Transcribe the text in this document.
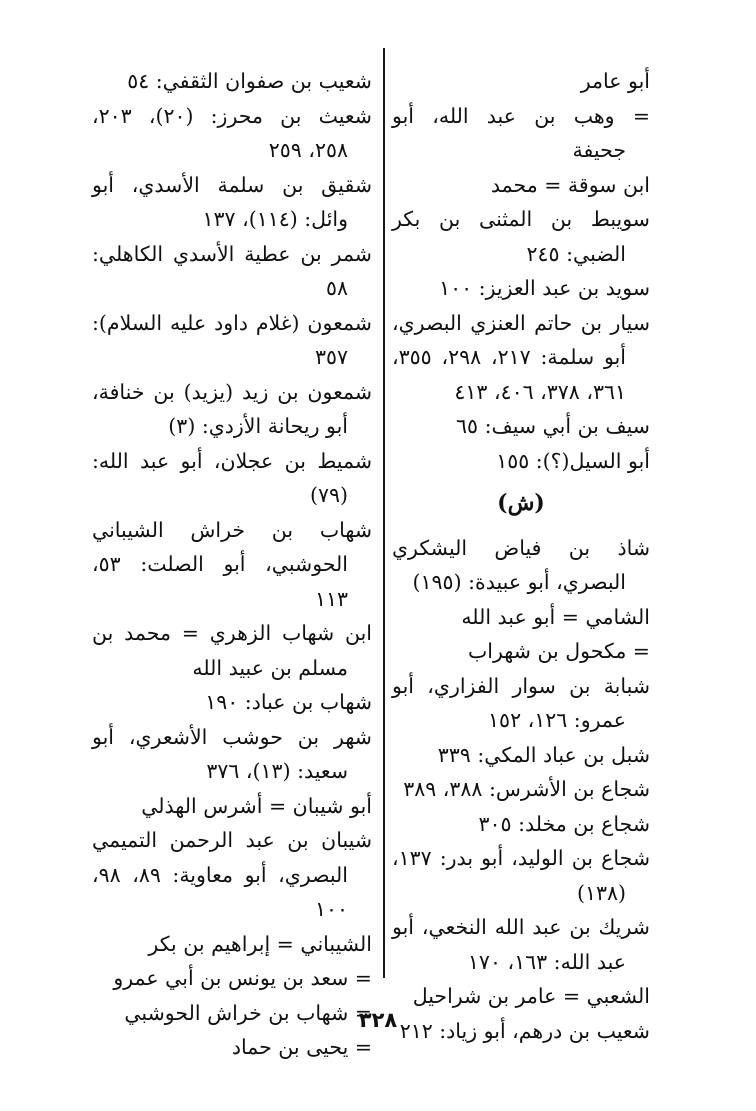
أبو عامر

= وهب بن عبد الله، أبو جحيفة

ابن سوقة = محمد

سويبط بن المثنى بن بكر الضبي: ٢٤٥

سويد بن عبد العزيز: ١٠٠

سيار بن حاتم العنزي البصري، أبو سلمة: ٢١٧، ٢٩٨، ٣٥٥، ٣٦١، ٣٧٨، ٤٠٦، ٤١٣

سيف بن أبي سيف: ٦٥

أبو السيل(؟): ١٥٥

(ش)

شاذ بن فياض اليشكري البصري، أبو عبيدة: (١٩٥)

الشامي = أبو عبد الله

= مكحول بن شهراب

شبابة بن سوار الفزاري، أبو عمرو: ١٢٦، ١٥٢

شبل بن عباد المكي: ٣٣٩

شجاع بن الأشرس: ٣٨٨، ٣٨٩

شجاع بن مخلد: ٣٠٥

شجاع بن الوليد، أبو بدر: ١٣٧، (١٣٨)

شريك بن عبد الله النخعي، أبو عبد الله: ١٦٣، ١٧٠

الشعبي = عامر بن شراحيل

شعيب بن درهم، أبو زياد: ٢١٢

شعيب بن صفوان الثقفي: ٥٤

شعيث بن محرز: (٢٠)، ٢٠٣، ٢٥٨، ٢٥٩

شقيق بن سلمة الأسدي، أبو وائل: (١١٤)، ١٣٧

شمر بن عطية الأسدي الكاهلي: ٥٨

شمعون (غلام داود عليه السلام): ٣٥٧

شمعون بن زيد (يزيد) بن خنافة، أبو ريحانة الأزدي: (٣)

شميط بن عجلان، أبو عبد الله: (٧٩)

شهاب بن خراش الشيباني الحوشبي، أبو الصلت: ٥٣، ١١٣

ابن شهاب الزهري = محمد بن مسلم بن عبيد الله

شهاب بن عباد: ١٩٠

شهر بن حوشب الأشعري، أبو سعيد: (١٣)، ٣٧٦

أبو شيبان = أشرس الهذلي

شيبان بن عبد الرحمن التميمي البصري، أبو معاوية: ٨٩، ٩٨، ١٠٠

الشيباني = إبراهيم بن بكر

= سعد بن يونس بن أبي عمرو

= شهاب بن خراش الحوشبي

= يحيى بن حماد

٣٢٨
